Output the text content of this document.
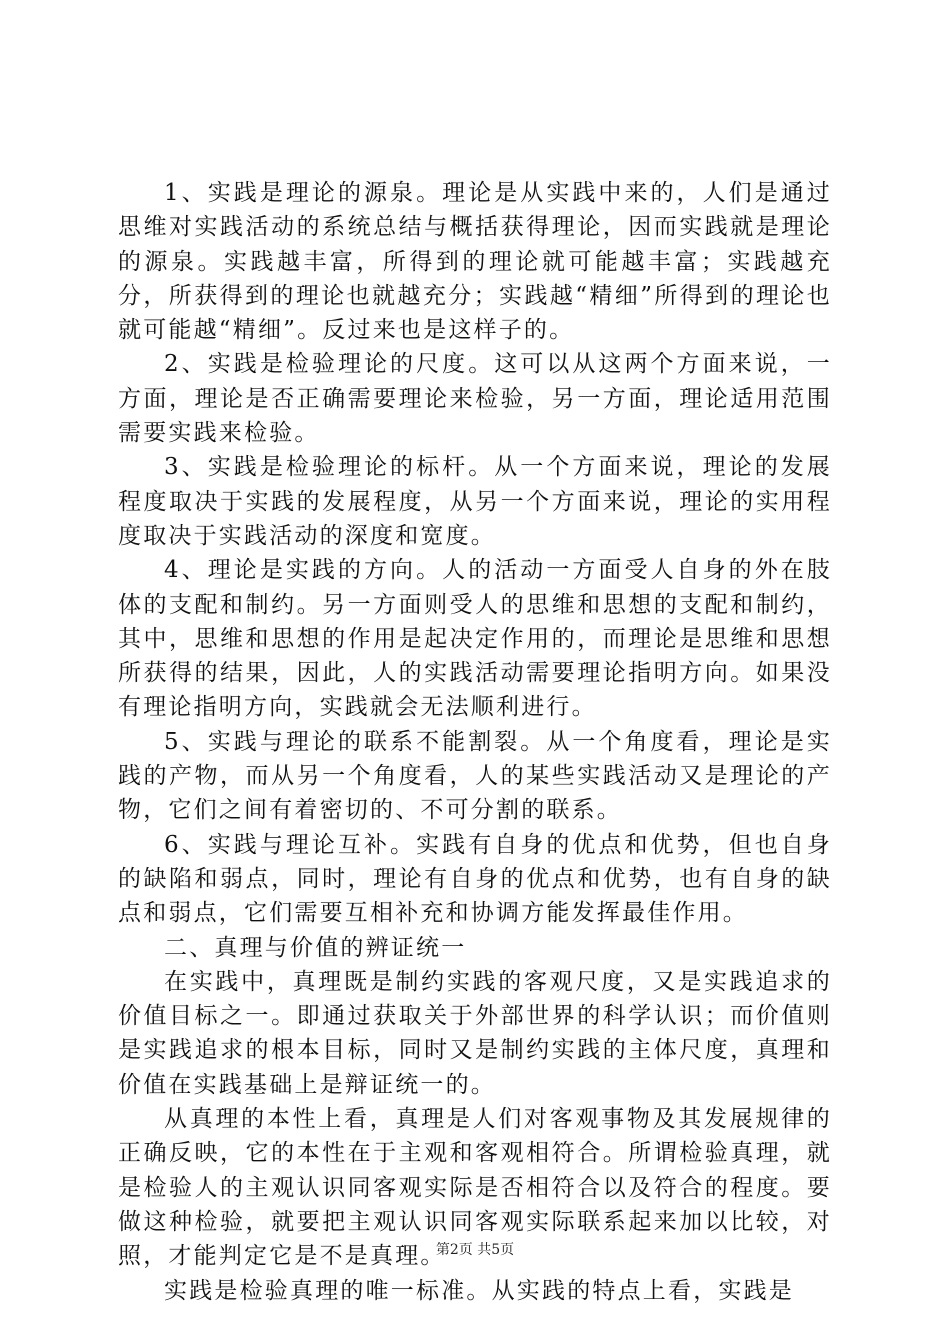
1、实践是理论的源泉。理论是从实践中来的，人们是通过思维对实践活动的系统总结与概括获得理论，因而实践就是理论的源泉。实践越丰富，所得到的理论就可能越丰富；实践越充分，所获得到的理论也就越充分；实践越“精细”所得到的理论也就可能越“精细”。反过来也是这样子的。

2、实践是检验理论的尺度。这可以从这两个方面来说，一方面，理论是否正确需要理论来检验，另一方面，理论适用范围需要实践来检验。

3、实践是检验理论的标杆。从一个方面来说，理论的发展程度取决于实践的发展程度，从另一个方面来说，理论的实用程度取决于实践活动的深度和宽度。

4、理论是实践的方向。人的活动一方面受人自身的外在肢体的支配和制约。另一方面则受人的思维和思想的支配和制约，其中，思维和思想的作用是起决定作用的，而理论是思维和思想所获得的结果，因此，人的实践活动需要理论指明方向。如果没有理论指明方向，实践就会无法顺利进行。

5、实践与理论的联系不能割裂。从一个角度看，理论是实践的产物，而从另一个角度看，人的某些实践活动又是理论的产物，它们之间有着密切的、不可分割的联系。

6、实践与理论互补。实践有自身的优点和优势，但也自身的缺陷和弱点，同时，理论有自身的优点和优势，也有自身的缺点和弱点，它们需要互相补充和协调方能发挥最佳作用。

二、真理与价值的辨证统一

在实践中，真理既是制约实践的客观尺度，又是实践追求的价值目标之一。即通过获取关于外部世界的科学认识；而价值则是实践追求的根本目标，同时又是制约实践的主体尺度，真理和价值在实践基础上是辩证统一的。

从真理的本性上看，真理是人们对客观事物及其发展规律的正确反映，它的本性在于主观和客观相符合。所谓检验真理，就是检验人的主观认识同客观实际是否相符合以及符合的程度。要做这种检验，就要把主观认识同客观实际联系起来加以比较，对照，才能判定它是不是真理。

实践是检验真理的唯一标准。从实践的特点上看，实践是

第2页 共5页
